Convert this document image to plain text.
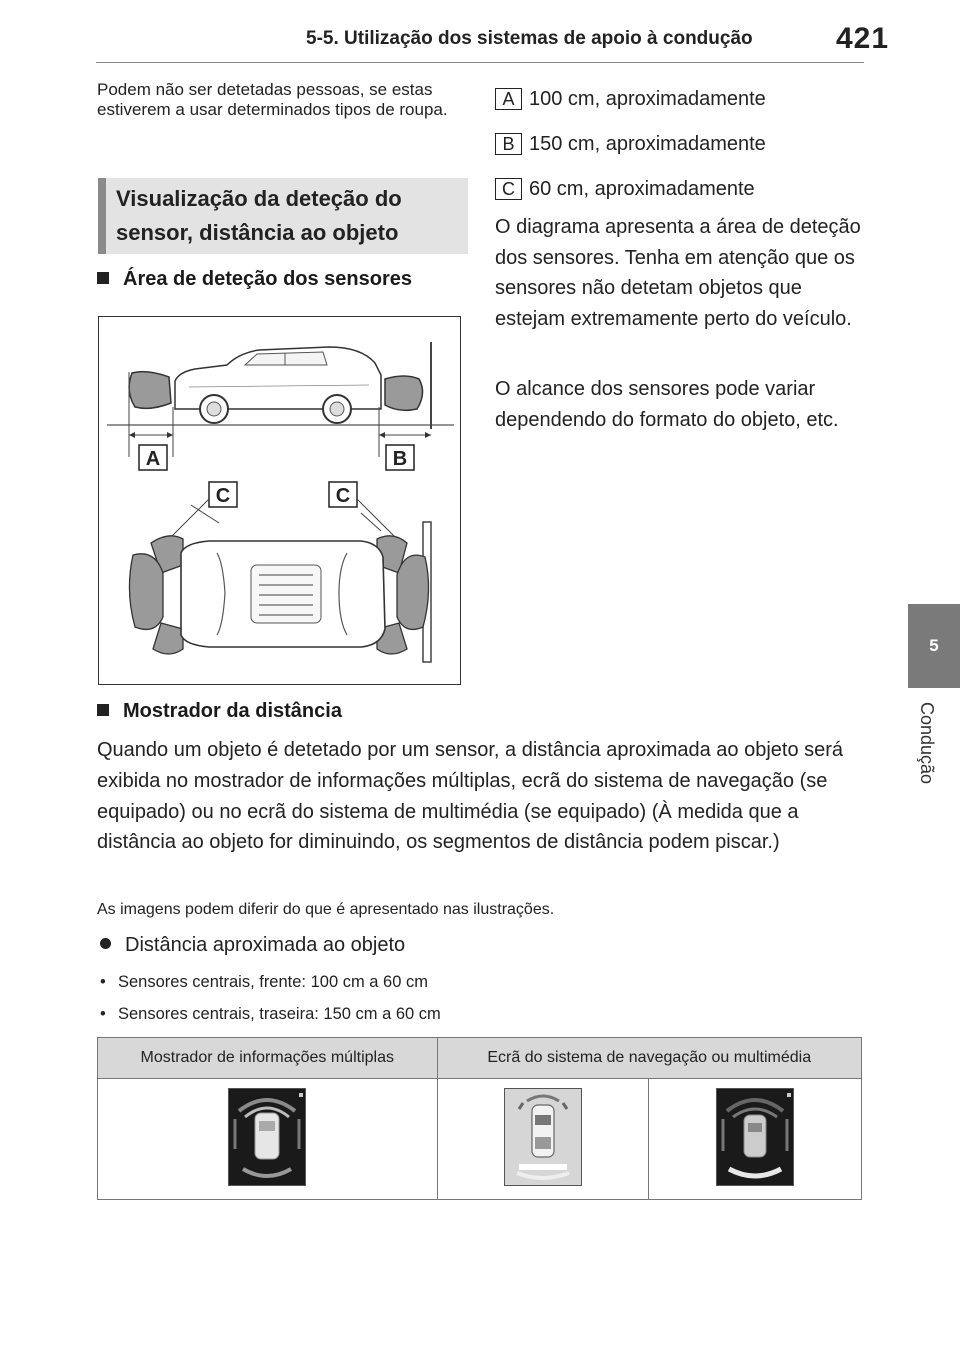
5-5. Utilização dos sistemas de apoio à condução	421
5
Condução
Podem não ser detetadas pessoas, se estas estiverem a usar determinados tipos de roupa.
Visualização da deteção do sensor, distância ao objeto
Área de deteção dos sensores
A	B
C	C
A 100 cm, aproximadamente
B 150 cm, aproximadamente
C 60 cm, aproximadamente
O diagrama apresenta a área de deteção dos sensores. Tenha em atenção que os sensores não detetam objetos que estejam extremamente perto do veículo.
O alcance dos sensores pode variar dependendo do formato do objeto, etc.
Mostrador da distância
Quando um objeto é detetado por um sensor, a distância aproximada ao objeto será exibida no mostrador de informações múltiplas, ecrã do sistema de navegação (se equipado) ou no ecrã do sistema de multimédia (se equipado) (À medida que a distância ao objeto for diminuindo, os segmentos de distância podem piscar.)
As imagens podem diferir do que é apresentado nas ilustrações.
Distância aproximada ao objeto
• Sensores centrais, frente: 100 cm a 60 cm
• Sensores centrais, traseira: 150 cm a 60 cm
Mostrador de informações múltiplas	Ecrã do sistema de navegação ou multimédia	
